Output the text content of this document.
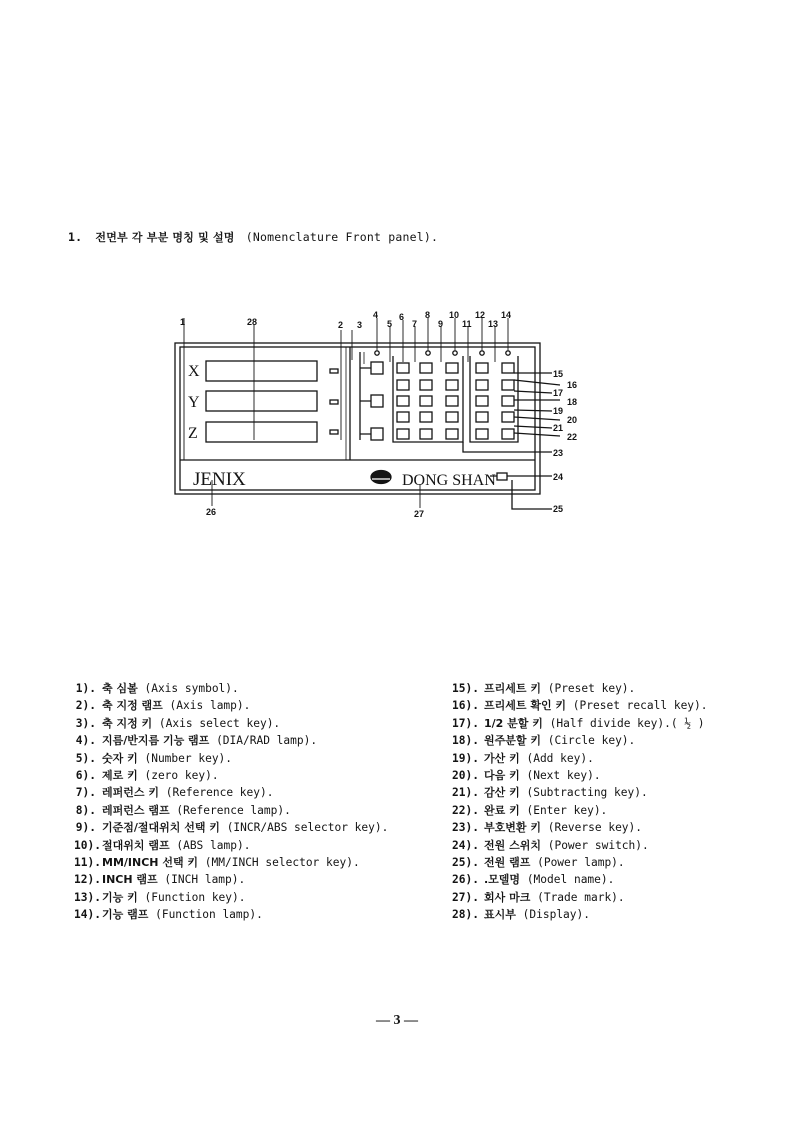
1. 전면부 각 부분 명칭 및 설명 (Nomenclature Front panel).
X
Y
Z
JENIX	DONG SHAN
1	28	2 3
4
5
6
7
8
9
10
11
12
13
14
15
16
17
18
19
20
21
22
23
24
25
26	27
1). 축 심볼 (Axis symbol).
2). 축 지정 램프 (Axis lamp).
3). 축 지정 키 (Axis select key).
4). 지름/반지름 기능 램프 (DIA/RAD lamp).
5). 숫자 키 (Number key).
6). 제로 키 (zero key).
7). 레퍼런스 키 (Reference key).
8). 레퍼런스 램프 (Reference lamp).
9). 기준점/절대위치 선택 키 (INCR/ABS selector key).
10).절대위치 램프 (ABS lamp).
11).MM/INCH 선택 키 (MM/INCH selector key).
12).INCH 램프 (INCH lamp).
13).기능 키 (Function key).
14).기능 램프 (Function lamp).
15). 프리세트 키 (Preset key).
16). 프리세트 확인 키 (Preset recall key).
17). 1/2 분할 키 (Half divide key).( ½ )
18). 원주분할 키 (Circle key).
19). 가산 키 (Add key).
20). 다음 키 (Next key).
21). 감산 키 (Subtracting key).
22). 완료 키 (Enter key).
23). 부호변환 키 (Reverse key).
24). 전원 스위치 (Power switch).
25). 전원 램프 (Power lamp).
26). .모델명 (Model name).
27). 회사 마크 (Trade mark).
28). 표시부 (Display).
— 3 —
